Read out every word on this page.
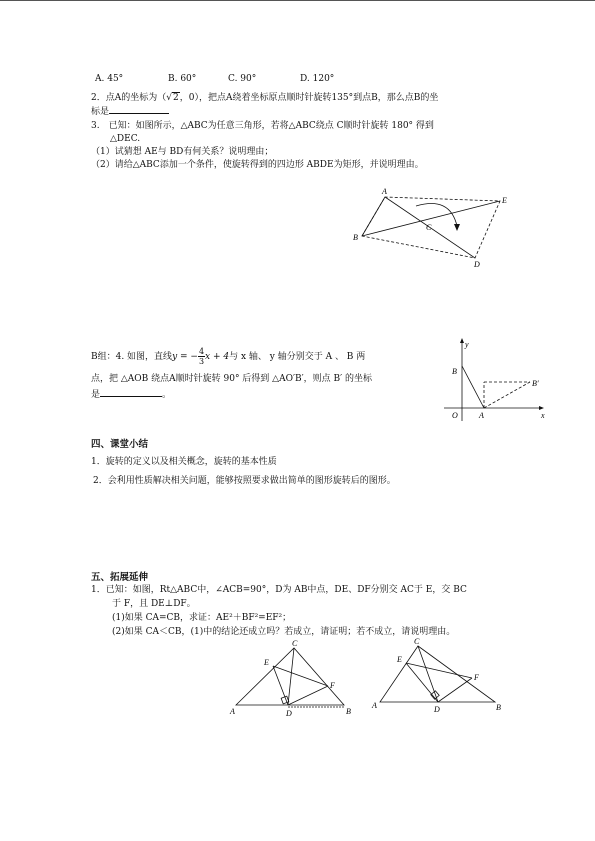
A. 45°	B. 60°	C. 90°	D. 120°
2．点A的坐标为（√2，0），把点A绕着坐标原点顺时针旋转135°到点B，那么点B的坐
标是
3.　已知：如图所示，△ABC为任意三角形，若将△ABC绕点 C顺时针旋转 180° 得到
△DEC.
（1）试猜想 AE与 BD有何关系？说明理由；
（2）请给△ABC添加一个条件，使旋转得到的四边形 ABDE为矩形，并说明理由。
A
B
C
D
E
B组：4. 如图，直线y = − $\frac{4}{3}$ x + 4与 x 轴、 y 轴分别交于 A 、 B 两
点，把 △AOB 绕点A顺时针旋转 90° 后得到 △AO′B′，则点 B′ 的坐标
是	。
y
x
B
B′
O	A
四、课堂小结
1．旋转的定义以及相关概念，旋转的基本性质
2．会利用性质解决相关问题，能够按照要求做出简单的图形旋转后的图形。
五、拓展延伸
1．已知：如图，Rt△ABC中，∠ACB=90°，D为 AB中点，DE、DF分别交 AC于 E，交 BC
于 F，且 DE⊥DF。
(1)如果 CA=CB，求证：AE²＋BF²=EF²；
(2)如果 CA＜CB，(1)中的结论还成立吗？若成立，请证明；若不成立，请说明理由。
A	B
C
D
E
F
A	B
C
D
E
F
